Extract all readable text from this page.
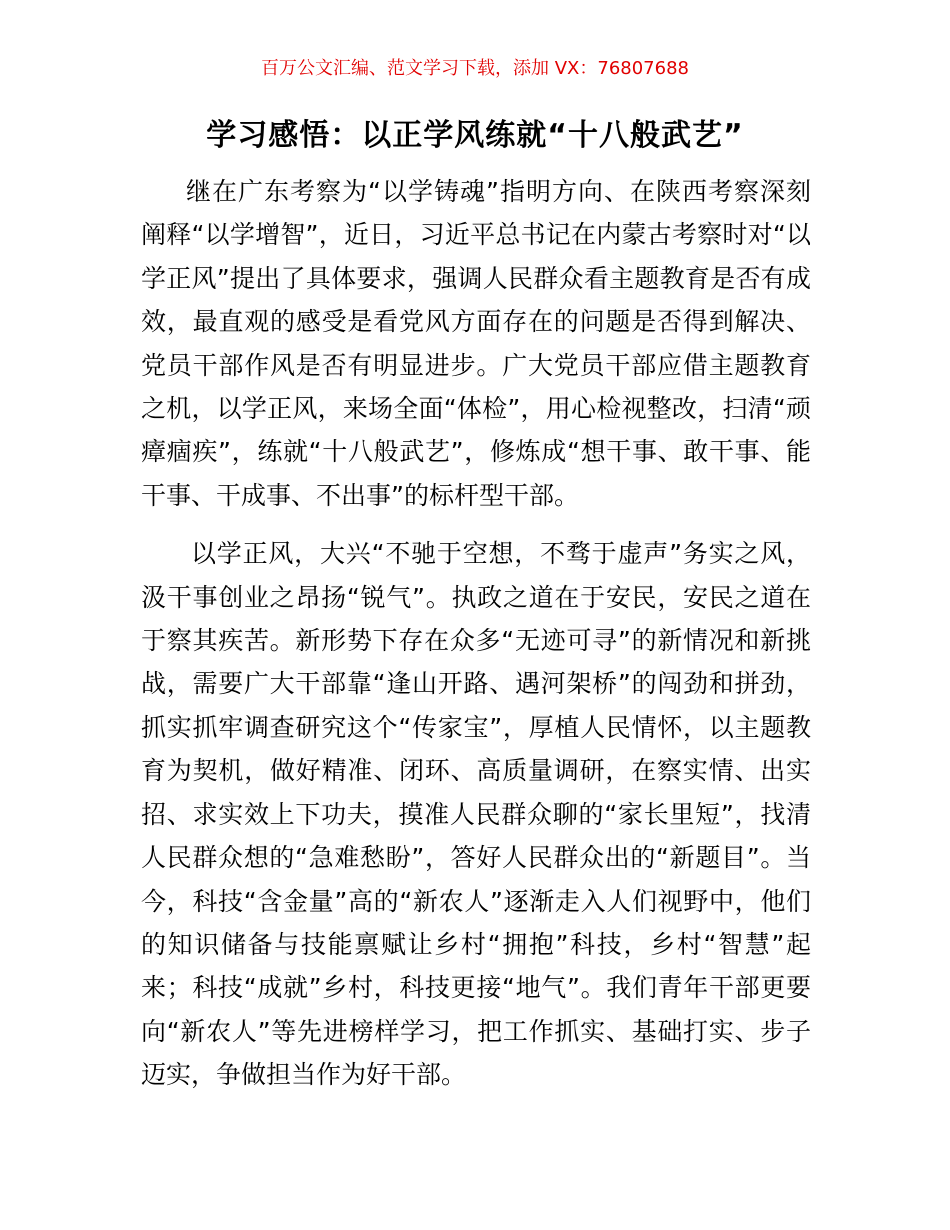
百万公文汇编、范文学习下载，添加 VX：76807688
学习感悟：以正学风练就“十八般武艺”

继在广东考察为“以学铸魂”指明方向、在陕西考察深刻阐释“以学增智”，近日，习近平总书记在内蒙古考察时对“以学正风”提出了具体要求，强调人民群众看主题教育是否有成效，最直观的感受是看党风方面存在的问题是否得到解决、党员干部作风是否有明显进步。广大党员干部应借主题教育之机，以学正风，来场全面“体检”，用心检视整改，扫清“顽瘴痼疾”，练就“十八般武艺”，修炼成“想干事、敢干事、能干事、干成事、不出事”的标杆型干部。

以学正风，大兴“不驰于空想，不骛于虚声”务实之风，汲干事创业之昂扬“锐气”。执政之道在于安民，安民之道在于察其疾苦。新形势下存在众多“无迹可寻”的新情况和新挑战，需要广大干部靠“逢山开路、遇河架桥”的闯劲和拼劲，抓实抓牢调查研究这个“传家宝”，厚植人民情怀，以主题教育为契机，做好精准、闭环、高质量调研，在察实情、出实招、求实效上下功夫，摸准人民群众聊的“家长里短”，找清人民群众想的“急难愁盼”，答好人民群众出的“新题目”。当今，科技“含金量”高的“新农人”逐渐走入人们视野中，他们的知识储备与技能禀赋让乡村“拥抱”科技，乡村“智慧”起来；科技“成就”乡村，科技更接“地气”。我们青年干部更要向“新农人”等先进榜样学习，把工作抓实、基础打实、步子迈实，争做担当作为好干部。
